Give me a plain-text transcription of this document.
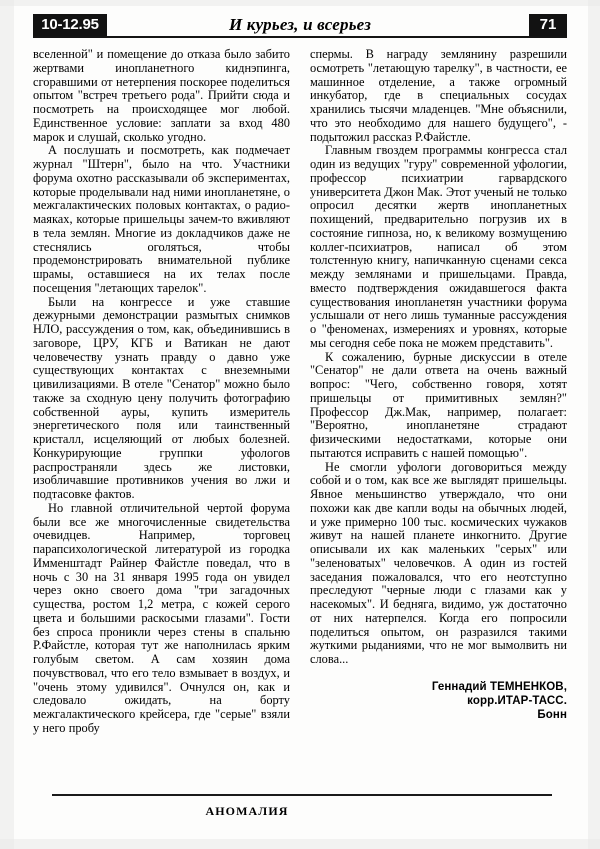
И курьез, и всерьез
10-12.95	71

вселенной" и помещение до отказа было забито жертвами инопланетного киднэпинга, сгоравшими от нетерпения поскорее поделиться опытом "встреч третьего рода". Прийти сюда и посмотреть на происходящее мог любой. Единственное условие: заплати за вход 480 марок и слушай, сколько угодно.

А послушать и посмотреть, как подмечает журнал "Штерн", было на что. Участники форума охотно рассказывали об экспериментах, которые проделывали над ними инопланетяне, о межгалактических половых контактах, о радио-маяках, которые пришельцы зачем-то вживляют в тела землян. Многие из докладчиков даже не стеснялись оголяться, чтобы продемонстрировать внимательной публике шрамы, оставшиеся на их телах после посещения "летающих тарелок".

Были на конгрессе и уже ставшие дежурными демонстрации размытых снимков НЛО, рассуждения о том, как, объединившись в заговоре, ЦРУ, КГБ и Ватикан не дают человечеству узнать правду о давно уже существующих контактах с внеземными цивилизациями. В отеле "Сенатор" можно было также за сходную цену получить фотографию собственной ауры, купить измеритель энергетического поля или таинственный кристалл, исцеляющий от любых болезней. Конкурирующие группки уфологов распространяли здесь же листовки, изобличавшие противников учения во лжи и подтасовке фактов.

Но главной отличительной чертой форума были все же многочисленные свидетельства очевидцев. Например, торговец парапсихологической литературой из городка Имменштадт Райнер Файстле поведал, что в ночь с 30 на 31 января 1995 года он увидел через окно своего дома "три загадочных существа, ростом 1,2 метра, с кожей серого цвета и большими раскосыми глазами". Гости без спроса проникли через стены в спальню Р.Файстле, которая тут же наполнилась ярким голубым светом. А сам хозяин дома почувствовал, что его тело взмывает в воздух, и "очень этому удивился". Очнулся он, как и следовало ожидать, на борту межгалактического крейсера, где "серые" взяли у него пробу

спермы. В награду землянину разрешили осмотреть "летающую тарелку", в частности, ее машинное отделение, а также огромный инкубатор, где в специальных сосудах хранились тысячи младенцев. "Мне объяснили, что это необходимо для нашего будущего", - подытожил рассказ Р.Файстле.

Главным гвоздем программы конгресса стал один из ведущих "гуру" современной уфологии, профессор психиатрии гарвардского университета Джон Мак. Этот ученый не только опросил десятки жертв инопланетных похищений, предварительно погрузив их в состояние гипноза, но, к великому возмущению коллег-психиатров, написал об этом толстенную книгу, напичканную сценами секса между землянами и пришельцами. Правда, вместо подтверждения ожидавшегося факта существования инопланетян участники форума услышали от него лишь туманные рассуждения о "феноменах, измерениях и уровнях, которые мы сегодня себе пока не можем представить".

К сожалению, бурные дискуссии в отеле "Сенатор" не дали ответа на очень важный вопрос: "Чего, собственно говоря, хотят пришельцы от примитивных землян?" Профессор Дж.Мак, например, полагает: "Вероятно, инопланетяне страдают физическими недостатками, которые они пытаются исправить с нашей помощью".

Не смогли уфологи договориться между собой и о том, как все же выглядят пришельцы. Явное меньшинство утверждало, что они похожи как две капли воды на обычных людей, и уже примерно 100 тыс. космических чужаков живут на нашей планете инкогнито. Другие описывали их как маленьких "серых" или "зеленоватых" человечков. А один из гостей заседания пожаловался, что его неотступно преследуют "черные люди с глазами как у насекомых". И бедняга, видимо, уж достаточно от них натерпелся. Когда его попросили поделиться опытом, он разразился такими жуткими рыданиями, что не мог вымолвить ни слова...

Геннадий ТЕМНЕНКОВ,
корр.ИТАР-ТАСС.
Бонн
АНОМАЛИЯ
